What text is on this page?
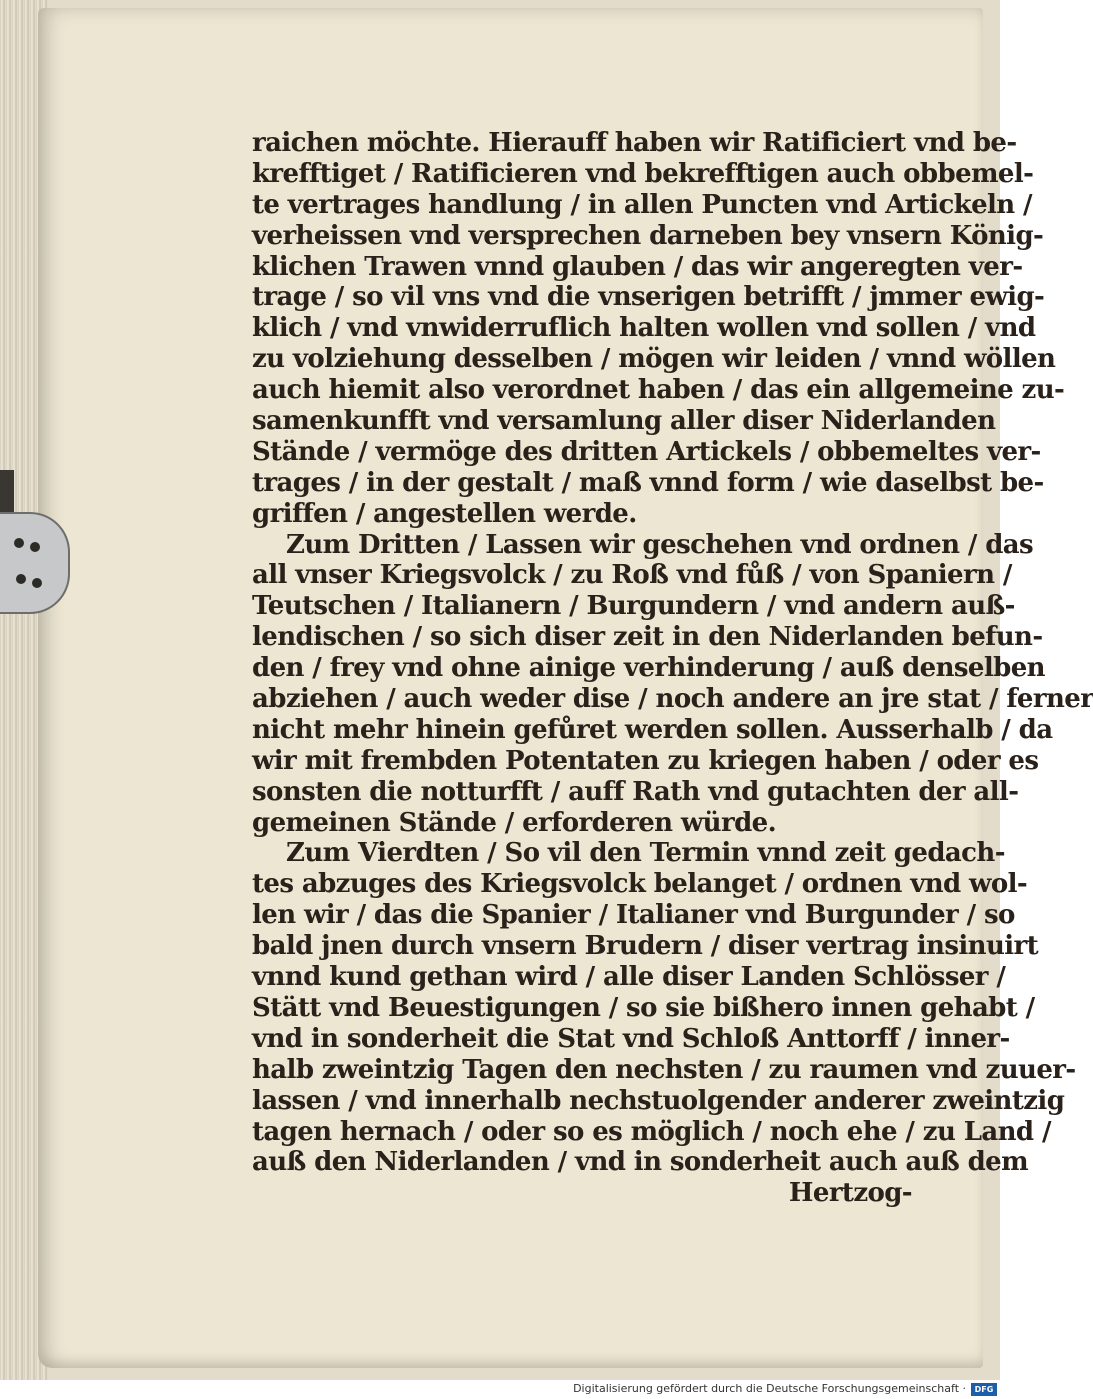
raichen möchte. Hierauff haben wir Ratificiert vnd be-
krefftiget / Ratificieren vnd bekrefftigen auch obbemel-
te vertrages handlung / in allen Puncten vnd Artickeln /
verheissen vnd versprechen darneben bey vnsern König-
klichen Trawen vnnd glauben / das wir angeregten ver-
trage / so vil vns vnd die vnserigen betrifft / jmmer ewig-
klich / vnd vnwiderruflich halten wollen vnd sollen / vnd
zu volziehung desselben / mögen wir leiden / vnnd wöllen
auch hiemit also verordnet haben / das ein allgemeine zu-
samenkunfft vnd versamlung aller diser Niderlanden
Stände / vermöge des dritten Artickels / obbemeltes ver-
trages / in der gestalt / maß vnnd form / wie daselbst be-
griffen / angestellen werde.
Zum Dritten / Lassen wir geschehen vnd ordnen / das
all vnser Kriegsvolck / zu Roß vnd fůß / von Spaniern /
Teutschen / Italianern / Burgundern / vnd andern auß-
lendischen / so sich diser zeit in den Niderlanden befun-
den / frey vnd ohne ainige verhinderung / auß denselben
abziehen / auch weder dise / noch andere an jre stat / ferner
nicht mehr hinein gefůret werden sollen. Ausserhalb / da
wir mit frembden Potentaten zu kriegen haben / oder es
sonsten die notturfft / auff Rath vnd gutachten der all-
gemeinen Stände / erforderen würde.
Zum Vierdten / So vil den Termin vnnd zeit gedach-
tes abzuges des Kriegsvolck belanget / ordnen vnd wol-
len wir / das die Spanier / Italianer vnd Burgunder / so
bald jnen durch vnsern Brudern / diser vertrag insinuirt
vnnd kund gethan wird / alle diser Landen Schlösser /
Stätt vnd Beuestigungen / so sie bißhero innen gehabt /
vnd in sonderheit die Stat vnd Schloß Anttorff / inner-
halb zweintzig Tagen den nechsten / zu raumen vnd zuuer-
lassen / vnd innerhalb nechstuolgender anderer zweintzig
tagen hernach / oder so es möglich / noch ehe / zu Land /
auß den Niderlanden / vnd in sonderheit auch auß dem
Hertzog-
Digitalisierung gefördert durch die Deutsche Forschungsgemeinschaft ·	DFG
